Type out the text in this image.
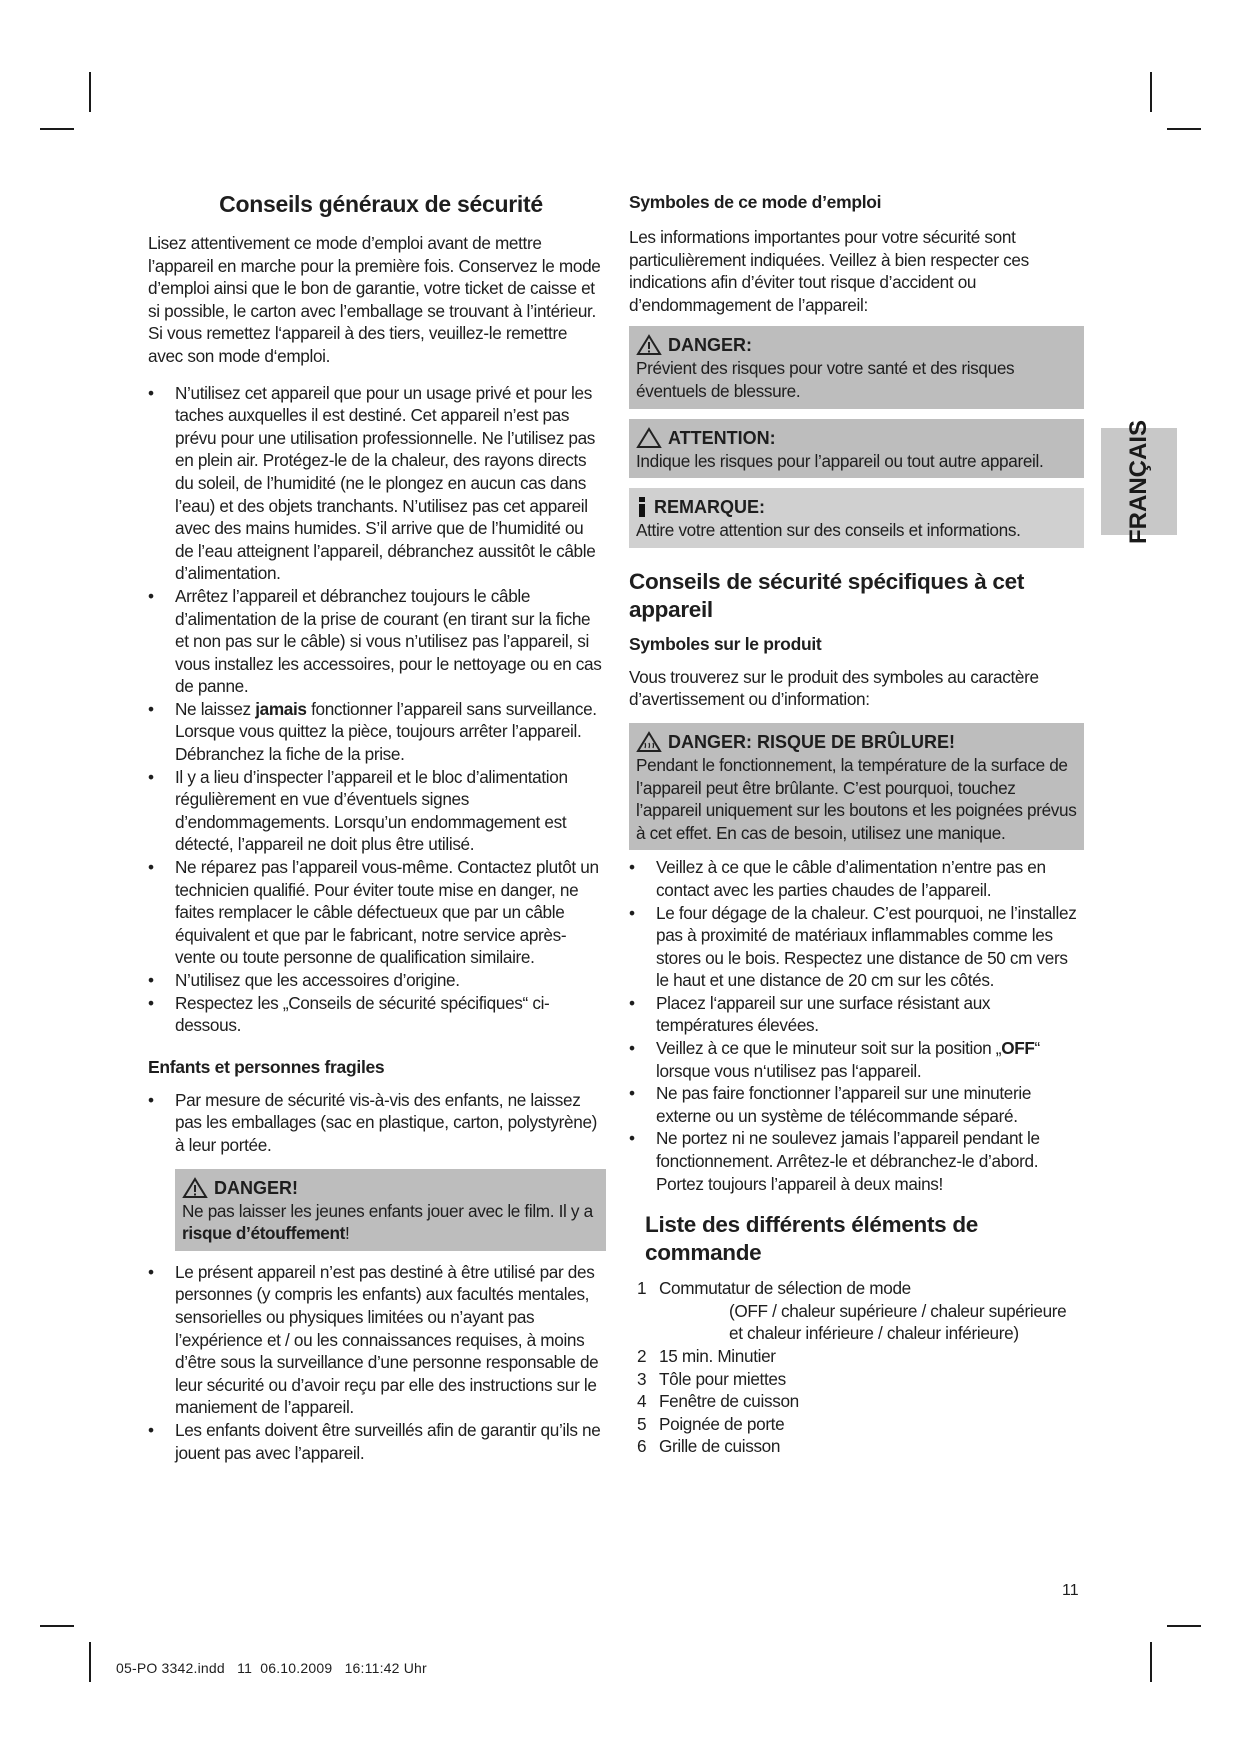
Conseils généraux de sécurité

Lisez attentivement ce mode d’emploi avant de mettre l’appareil en marche pour la première fois. Conservez le mode d’emploi ainsi que le bon de garantie, votre ticket de caisse et si possible, le carton avec l’emballage se trouvant à l’intérieur. Si vous remettez l‘appareil à des tiers, veuillez-le remettre avec son mode d‘emploi.

• N’utilisez cet appareil que pour un usage privé et pour les taches auxquelles il est destiné. Cet appareil n’est pas prévu pour une utilisation professionnelle. Ne l’utilisez pas en plein air. Protégez-le de la chaleur, des rayons directs du soleil, de l’humidité (ne le plongez en aucun cas dans l’eau) et des objets tranchants. N’utilisez pas cet appareil avec des mains humides. S’il arrive que de l’humidité ou de l’eau atteignent l’appareil, débranchez aussitôt le câble d’alimentation.
• Arrêtez l’appareil et débranchez toujours le câble d’alimentation de la prise de courant (en tirant sur la fiche et non pas sur le câble) si vous n’utilisez pas l’appareil, si vous installez les accessoires, pour le nettoyage ou en cas de panne.
• Ne laissez jamais fonctionner l’appareil sans surveillance. Lorsque vous quittez la pièce, toujours arrêter l’appareil. Débranchez la fiche de la prise.
• Il y a lieu d’inspecter l’appareil et le bloc d’alimentation régulièrement en vue d’éventuels signes d’endommagements. Lorsqu’un endommagement est détecté, l’appareil ne doit plus être utilisé.
• Ne réparez pas l’appareil vous-même. Contactez plutôt un technicien qualifié. Pour éviter toute mise en danger, ne faites remplacer le câble défectueux que par un câble équivalent et que par le fabricant, notre service après-vente ou toute personne de qualification similaire.
• N’utilisez que les accessoires d’origine.
• Respectez les „Conseils de sécurité spécifiques“ ci-dessous.
Enfants et personnes fragiles
• Par mesure de sécurité vis-à-vis des enfants, ne laissez pas les emballages (sac en plastique, carton, polystyrène) à leur portée.
DANGER!

Ne pas laisser les jeunes enfants jouer avec le film. Il y a risque d’étouffement!

• Le présent appareil n’est pas destiné à être utilisé par des personnes (y compris les enfants) aux facultés mentales, sensorielles ou physiques limitées ou n’ayant pas l’expérience et / ou les connaissances requises, à moins d’être sous la surveillance d’une personne responsable de leur sécurité ou d’avoir reçu par elle des instructions sur le maniement de l’appareil.
• Les enfants doivent être surveillés afin de garantir qu’ils ne jouent pas avec l’appareil.
Symboles de ce mode d’emploi

Les informations importantes pour votre sécurité sont particulièrement indiquées. Veillez à bien respecter ces indications afin d’éviter tout risque d’accident ou d’endommagement de l’appareil:

DANGER:

Prévient des risques pour votre santé et des risques éventuels de blessure.

ATTENTION:

Indique les risques pour l’appareil ou tout autre appareil.

REMARQUE:

Attire votre attention sur des conseils et informations.

Conseils de sécurité spécifiques à cet appareil
Symboles sur le produit

Vous trouverez sur le produit des symboles au caractère d’avertissement ou d’information:

DANGER: RISQUE DE BRÛLURE!

Pendant le fonctionnement, la température de la surface de l’appareil peut être brûlante. C’est pourquoi, touchez l’appareil uniquement sur les boutons et les poignées prévus à cet effet. En cas de besoin, utilisez une manique.

• Veillez à ce que le câble d’alimentation n’entre pas en contact avec les parties chaudes de l’appareil.
• Le four dégage de la chaleur. C’est pourquoi, ne l’installez pas à proximité de matériaux inflammables comme les stores ou le bois. Respectez une distance de 50 cm vers le haut et une distance de 20 cm sur les côtés.
• Placez l‘appareil sur une surface résistant aux températures élevées.
• Veillez à ce que le minuteur soit sur la position „OFF“ lorsque vous n‘utilisez pas l‘appareil.
• Ne pas faire fonctionner l’appareil sur une minuterie externe ou un système de télécommande séparé.
• Ne portez ni ne soulevez jamais l’appareil pendant le fonctionnement. Arrêtez-le et débranchez-le d’abord. Portez toujours l’appareil à deux mains!
Liste des différents éléments de commande
1 Commutatur de sélection de mode
(OFF / chaleur supérieure / chaleur supérieure et chaleur inférieure / chaleur inférieure)
2 15 min. Minutier
3 Tôle pour miettes
4 Fenêtre de cuisson
5 Poignée de porte
6 Grille de cuisson
FRANÇAIS
11
05-PO 3342.indd   11  06.10.2009   16:11:42 Uhr
